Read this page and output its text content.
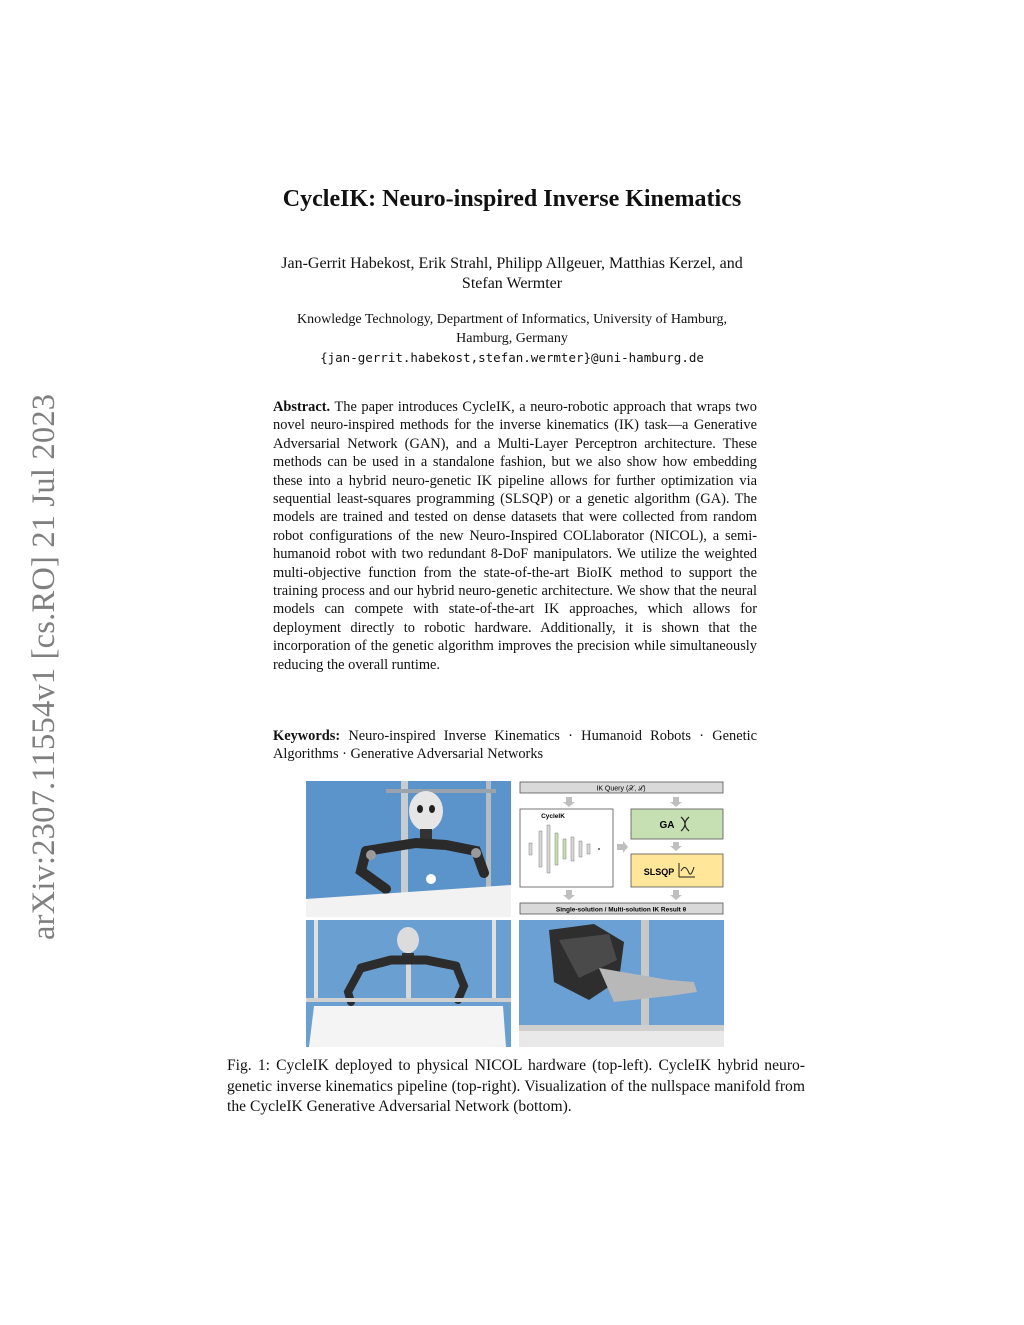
arXiv:2307.11554v1 [cs.RO] 21 Jul 2023
CycleIK: Neuro-inspired Inverse Kinematics
Jan-Gerrit Habekost, Erik Strahl, Philipp Allgeuer, Matthias Kerzel, and
Stefan Wermter
Knowledge Technology, Department of Informatics, University of Hamburg,
Hamburg, Germany
{jan-gerrit.habekost,stefan.wermter}@uni-hamburg.de
Abstract. The paper introduces CycleIK, a neuro-robotic approach that wraps two novel neuro-inspired methods for the inverse kinematics (IK) task—a Generative Adversarial Network (GAN), and a Multi-Layer Perceptron architecture. These methods can be used in a standalone fashion, but we also show how embedding these into a hybrid neuro-genetic IK pipeline allows for further optimization via sequential least-squares programming (SLSQP) or a genetic algorithm (GA). The models are trained and tested on dense datasets that were collected from random robot configurations of the new Neuro-Inspired COLlaborator (NICOL), a semi-humanoid robot with two redundant 8-DoF manipulators. We utilize the weighted multi-objective function from the state-of-the-art BioIK method to support the training process and our hybrid neuro-genetic architecture. We show that the neural models can compete with state-of-the-art IK approaches, which allows for deployment directly to robotic hardware. Additionally, it is shown that the incorporation of the genetic algorithm improves the precision while simultaneously reducing the overall runtime.
Keywords: Neuro-inspired Inverse Kinematics · Humanoid Robots · Genetic Algorithms · Generative Adversarial Networks
IK Query (𝒳, ℒ)
CycleIK
GA
SLSQP
Single-solution / Multi-solution IK Result θ
Fig. 1: CycleIK deployed to physical NICOL hardware (top-left). CycleIK hybrid neuro-genetic inverse kinematics pipeline (top-right). Visualization of the nullspace manifold from the CycleIK Generative Adversarial Network (bottom).
